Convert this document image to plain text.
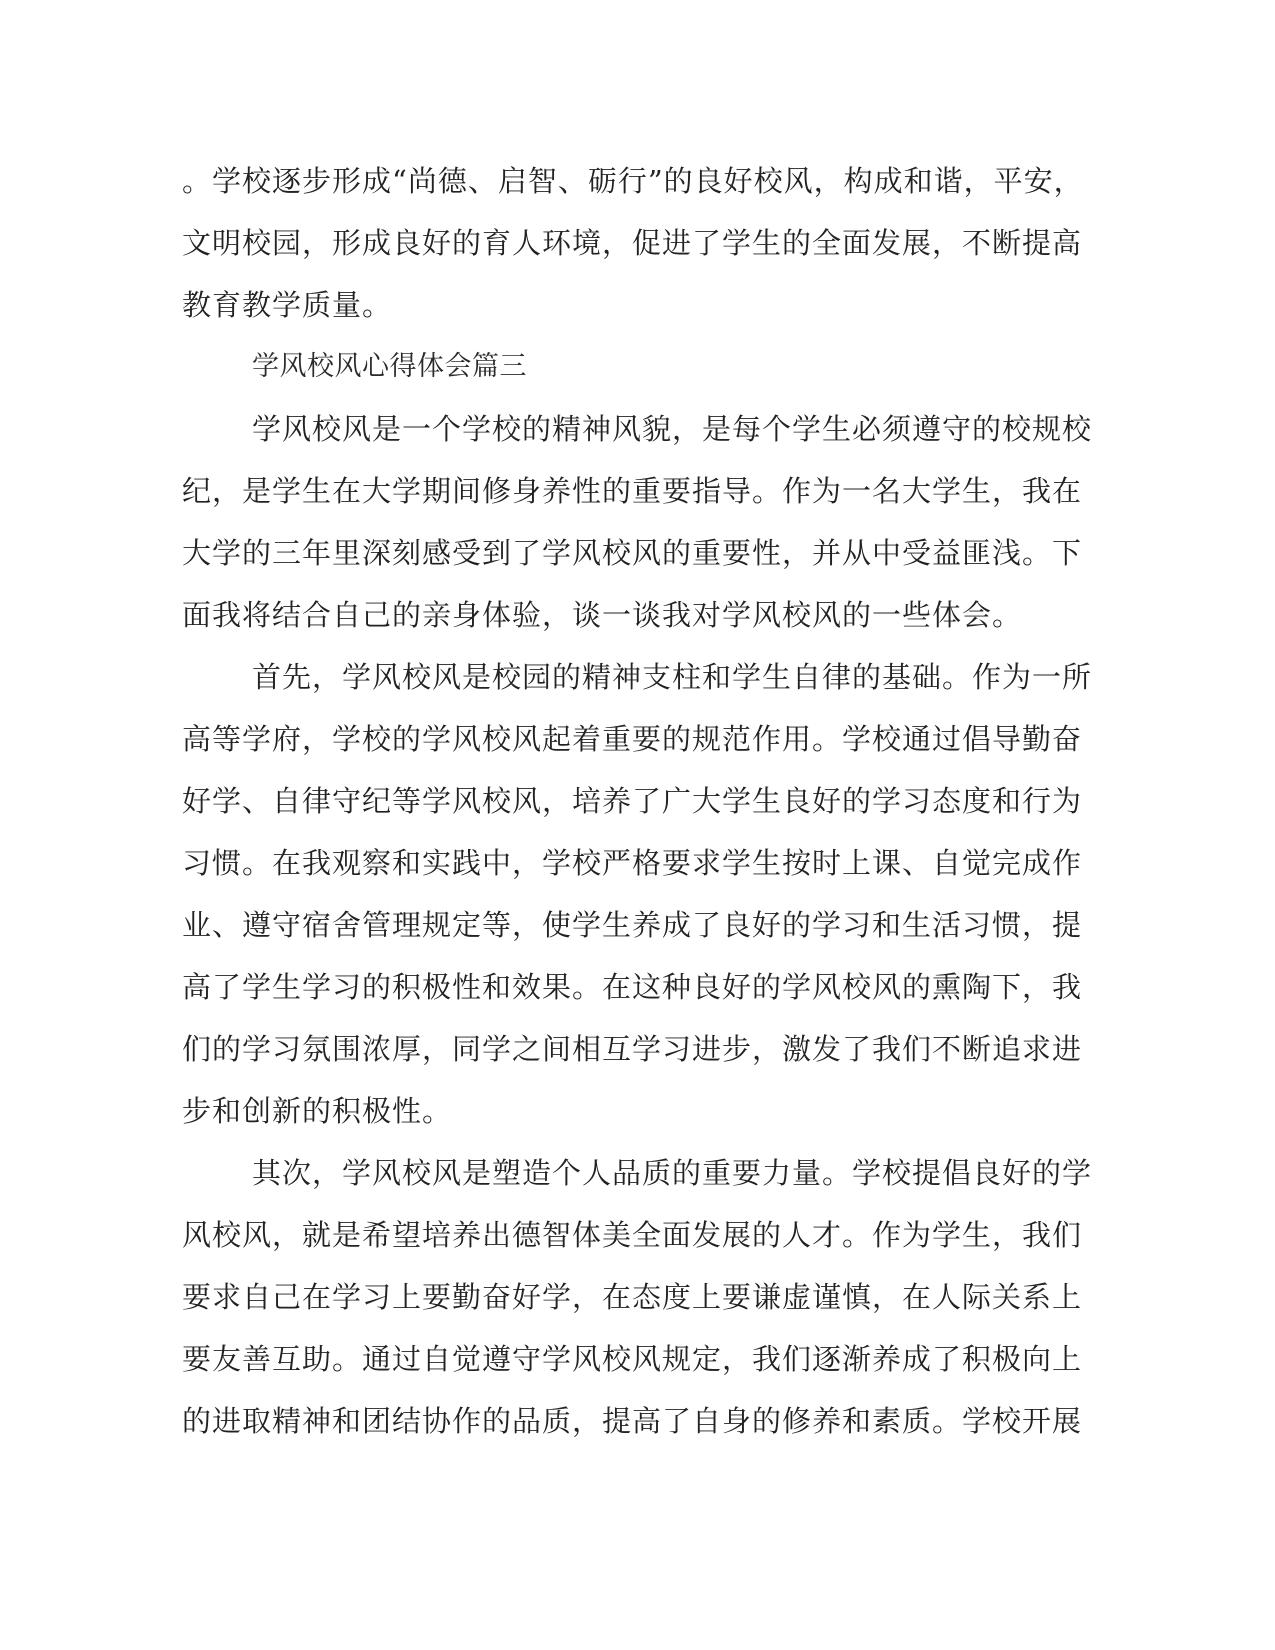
。学校逐步形成“尚德、启智、砺行”的良好校风，构成和谐，平安，
文明校园，形成良好的育人环境，促进了学生的全面发展，不断提高
教育教学质量。
学风校风心得体会篇三
学风校风是一个学校的精神风貌，是每个学生必须遵守的校规校
纪，是学生在大学期间修身养性的重要指导。作为一名大学生，我在
大学的三年里深刻感受到了学风校风的重要性，并从中受益匪浅。下
面我将结合自己的亲身体验，谈一谈我对学风校风的一些体会。
首先，学风校风是校园的精神支柱和学生自律的基础。作为一所
高等学府，学校的学风校风起着重要的规范作用。学校通过倡导勤奋
好学、自律守纪等学风校风，培养了广大学生良好的学习态度和行为
习惯。在我观察和实践中，学校严格要求学生按时上课、自觉完成作
业、遵守宿舍管理规定等，使学生养成了良好的学习和生活习惯，提
高了学生学习的积极性和效果。在这种良好的学风校风的熏陶下，我
们的学习氛围浓厚，同学之间相互学习进步，激发了我们不断追求进
步和创新的积极性。
其次，学风校风是塑造个人品质的重要力量。学校提倡良好的学
风校风，就是希望培养出德智体美全面发展的人才。作为学生，我们
要求自己在学习上要勤奋好学，在态度上要谦虚谨慎，在人际关系上
要友善互助。通过自觉遵守学风校风规定，我们逐渐养成了积极向上
的进取精神和团结协作的品质，提高了自身的修养和素质。学校开展
